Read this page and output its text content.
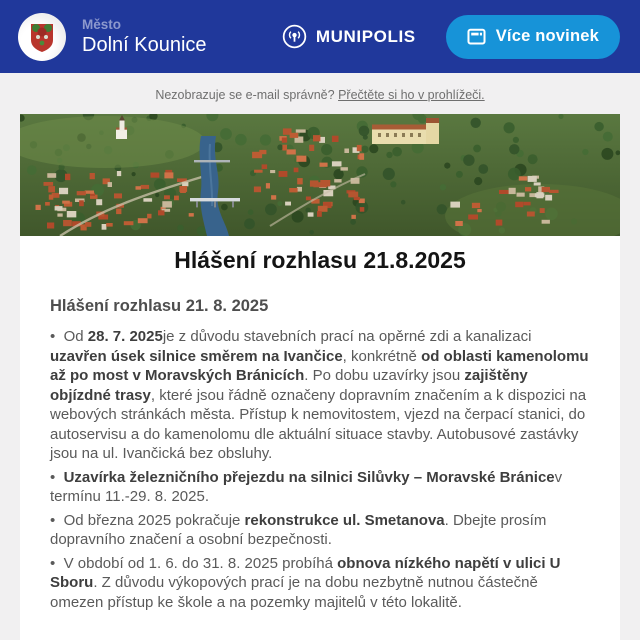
Město
Dolní Kounice	MUNIPOLIS	Více novinek
Nezobrazuje se e-mail správně? Přečtěte si ho v prohlížeči.
Hlášení rozhlasu 21.8.2025

Hlášení rozhlasu 21. 8. 2025

•  Od 28. 7. 2025je z důvodu stavebních prací na opěrné zdi a kanalizaci uzavřen úsek silnice směrem na Ivančice, konkrétně od oblasti kamenolomu až po most v Moravských Bránicích. Po dobu uzavírky jsou zajištěny objízdné trasy, které jsou řádně označeny dopravním značením a k dispozici na webových stránkách města. Přístup k nemovitostem, vjezd na čerpací stanici, do autoservisu a do kamenolomu dle aktuální situace stavby. Autobusové zastávky jsou na ul. Ivančická bez obsluhy.

•  Uzavírka železničního přejezdu na silnici Silůvky – Moravské Bránicev termínu 11.-29. 8. 2025.

•  Od března 2025 pokračuje rekonstrukce ul. Smetanova. Dbejte prosím dopravního značení a osobní bezpečnosti.

•  V období od 1. 6. do 31. 8. 2025 probíhá obnova nízkého napětí v ulici U Sboru. Z důvodu výkopových prací je na dobu nezbytně nutnou částečně omezen přístup ke škole a na pozemky majitelů v této lokalitě.
